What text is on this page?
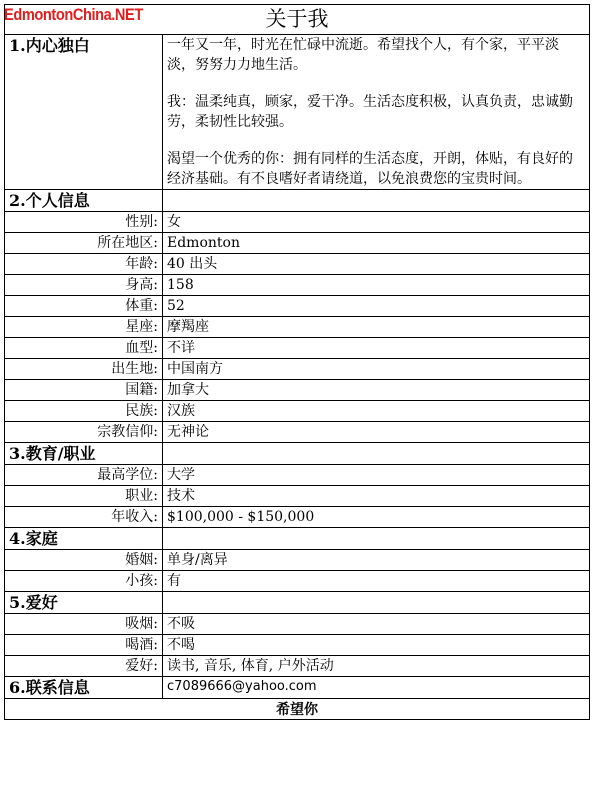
EdmontonChina.NET	关于我	
1.内心独白	一年又一年，时光在忙碌中流逝。希望找个人，有个家，平平淡淡，努努力力地生活。

我：温柔纯真，顾家，爱干净。生活态度积极，认真负责，忠诚勤劳，柔韧性比较强。

渴望一个优秀的你：拥有同样的生活态度，开朗，体贴，有良好的经济基础。有不良嗜好者请绕道，以免浪费您的宝贵时间。

2.个人信息	
性别:	女
所在地区:	Edmonton
年龄:	40 出头
身高:	158
体重:	52
星座:	摩羯座
血型:	不详
出生地:	中国南方
国籍:	加拿大
民族:	汉族
宗教信仰:	无神论
3.教育/职业	
最高学位:	大学
职业:	技术
年收入:	$100,000 - $150,000
4.家庭	
婚姻:	单身/离异
小孩:	有
5.爱好	
吸烟:	不吸
喝酒:	不喝
爱好:	读书, 音乐, 体育, 户外活动
6.联系信息	c7089666@yahoo.com
希望你	
